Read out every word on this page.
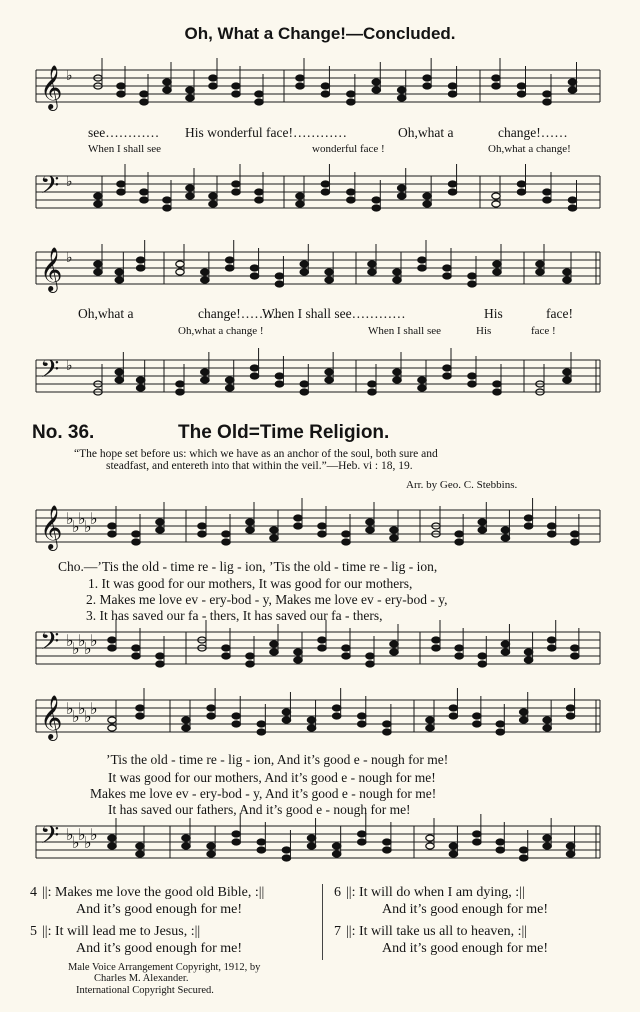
Oh, What a Change!—Concluded.
𝄞 ♭
𝄢 ♭
𝄞 ♭
𝄢 ♭
𝄞 ♭
♭
♭
♭
♭
𝄢 ♭
♭
♭
♭
♭
𝄞 ♭
♭
♭
♭
♭
𝄢 ♭
♭
♭
♭
♭
see………… His wonderful face!…………	Oh,what a	change!……
When I shall see	wonderful face !	Oh,what a change!
Oh,what a	change!………
When I shall see…………	His	face!
Oh,what a change !	When I shall see	His	face !
No. 36.	The Old=Time Religion.
“The hope set before us: which we have as an anchor of the soul, both sure and
steadfast, and entereth into that within the veil.”—Heb. vi : 18, 19.
Arr. by Geo. C. Stebbins.
Cho.—’Tis the old - time re - lig - ion, ’Tis the old - time re - lig - ion,
1. It was good for our mothers, It was good for our mothers,
2. Makes me love ev - ery-bod - y, Makes me love ev - ery-bod - y,
3. It has saved our fa - thers, It has saved our fa - thers,
’Tis the old - time re - lig - ion, And it’s good e - nough for me!
It was good for our mothers, And it’s good e - nough for me!
Makes me love ev - ery-bod - y, And it’s good e - nough for me!
It has saved our fathers, And it’s good e - nough for me!
4 ||: Makes me love the good old Bible, :||
And it’s good enough for me!
5 ||: It will lead me to Jesus, :||
And it’s good enough for me!
6 ||: It will do when I am dying, :||
And it’s good enough for me!
7 ||: It will take us all to heaven, :||
And it’s good enough for me!
Male Voice Arrangement Copyright, 1912, by
Charles M. Alexander.
International Copyright Secured.
